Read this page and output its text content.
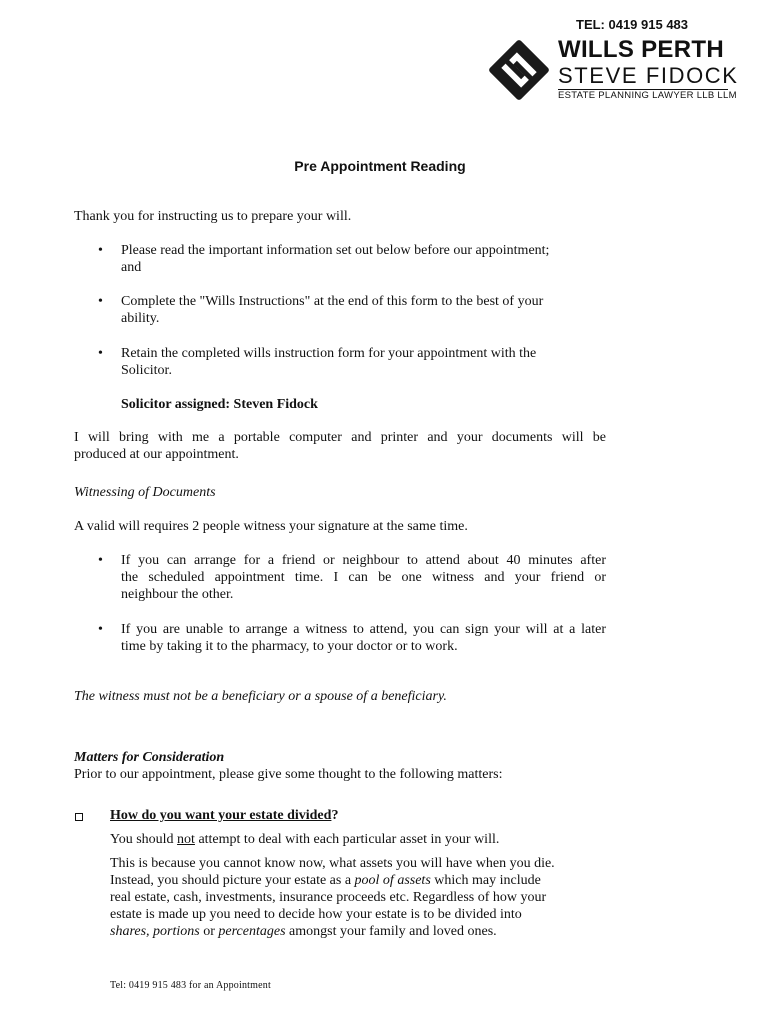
TEL: 0419 915 483
WILLS PERTH
STEVE FIDOCK
ESTATE PLANNING LAWYER LLB LLM
Pre Appointment Reading
Thank you for instructing us to prepare your will.
• Please read the important information set out below before our appointment;
and
• Complete the "Wills Instructions" at the end of this form to the best of your
ability.
• Retain the completed wills instruction form for your appointment with the
Solicitor.
Solicitor assigned: Steven Fidock
I will bring with me a portable computer and printer and your documents will be
produced at our appointment.
Witnessing of Documents
A valid will requires 2 people witness your signature at the same time.
• If you can arrange for a friend or neighbour to attend about 40 minutes after
the scheduled appointment time. I can be one witness and your friend or
neighbour the other.
• If you are unable to arrange a witness to attend, you can sign your will at a later
time by taking it to the pharmacy, to your doctor or to work.
The witness must not be a beneficiary or a spouse of a beneficiary.
Matters for Consideration
Prior to our appointment, please give some thought to the following matters:
How do you want your estate divided?
You should not attempt to deal with each particular asset in your will.
This is because you cannot know now, what assets you will have when you die.
Instead, you should picture your estate as a pool of assets which may include
real estate, cash, investments, insurance proceeds etc. Regardless of how your
estate is made up you need to decide how your estate is to be divided into
shares, portions or percentages amongst your family and loved ones.
Tel: 0419 915 483 for an Appointment
